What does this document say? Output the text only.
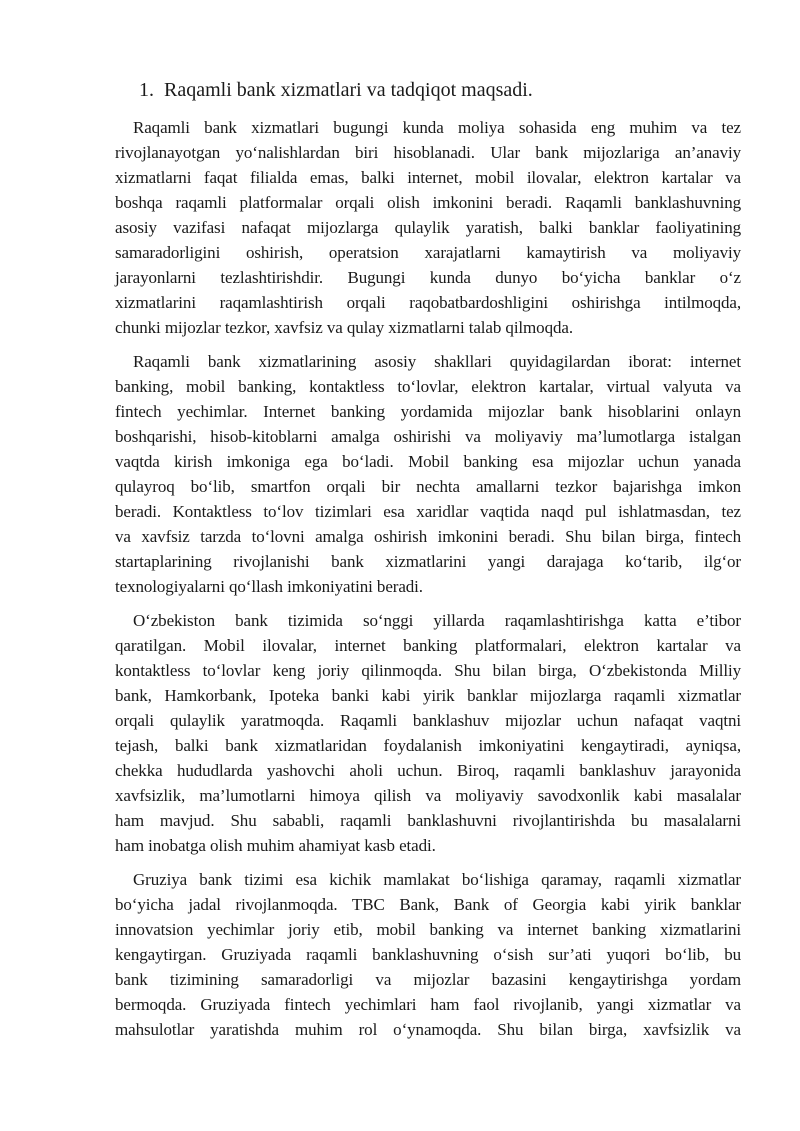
1. Raqamli bank xizmatlari va tadqiqot maqsadi.
Raqamli bank xizmatlari bugungi kunda moliya sohasida eng muhim va tez
rivojlanayotgan yo‘nalishlardan biri hisoblanadi. Ular bank mijozlariga an’anaviy
xizmatlarni faqat filialda emas, balki internet, mobil ilovalar, elektron kartalar va
boshqa raqamli platformalar orqali olish imkonini beradi. Raqamli banklashuvning
asosiy vazifasi nafaqat mijozlarga qulaylik yaratish, balki banklar faoliyatining
samaradorligini oshirish, operatsion xarajatlarni kamaytirish va moliyaviy
jarayonlarni tezlashtirishdir. Bugungi kunda dunyo bo‘yicha banklar o‘z
xizmatlarini raqamlashtirish orqali raqobatbardoshligini oshirishga intilmoqda,
chunki mijozlar tezkor, xavfsiz va qulay xizmatlarni talab qilmoqda.
Raqamli bank xizmatlarining asosiy shakllari quyidagilardan iborat: internet
banking, mobil banking, kontaktless to‘lovlar, elektron kartalar, virtual valyuta va
fintech yechimlar. Internet banking yordamida mijozlar bank hisoblarini onlayn
boshqarishi, hisob-kitoblarni amalga oshirishi va moliyaviy ma’lumotlarga istalgan
vaqtda kirish imkoniga ega bo‘ladi. Mobil banking esa mijozlar uchun yanada
qulayroq bo‘lib, smartfon orqali bir nechta amallarni tezkor bajarishga imkon
beradi. Kontaktless to‘lov tizimlari esa xaridlar vaqtida naqd pul ishlatmasdan, tez
va xavfsiz tarzda to‘lovni amalga oshirish imkonini beradi. Shu bilan birga, fintech
startaplarining rivojlanishi bank xizmatlarini yangi darajaga ko‘tarib, ilg‘or
texnologiyalarni qo‘llash imkoniyatini beradi.
O‘zbekiston bank tizimida so‘nggi yillarda raqamlashtirishga katta e’tibor
qaratilgan. Mobil ilovalar, internet banking platformalari, elektron kartalar va
kontaktless to‘lovlar keng joriy qilinmoqda. Shu bilan birga, O‘zbekistonda Milliy
bank, Hamkorbank, Ipoteka banki kabi yirik banklar mijozlarga raqamli xizmatlar
orqali qulaylik yaratmoqda. Raqamli banklashuv mijozlar uchun nafaqat vaqtni
tejash, balki bank xizmatlaridan foydalanish imkoniyatini kengaytiradi, ayniqsa,
chekka hududlarda yashovchi aholi uchun. Biroq, raqamli banklashuv jarayonida
xavfsizlik, ma’lumotlarni himoya qilish va moliyaviy savodxonlik kabi masalalar
ham mavjud. Shu sababli, raqamli banklashuvni rivojlantirishda bu masalalarni
ham inobatga olish muhim ahamiyat kasb etadi.
Gruziya bank tizimi esa kichik mamlakat bo‘lishiga qaramay, raqamli xizmatlar
bo‘yicha jadal rivojlanmoqda. TBC Bank, Bank of Georgia kabi yirik banklar
innovatsion yechimlar joriy etib, mobil banking va internet banking xizmatlarini
kengaytirgan. Gruziyada raqamli banklashuvning o‘sish sur’ati yuqori bo‘lib, bu
bank tizimining samaradorligi va mijozlar bazasini kengaytirishga yordam
bermoqda. Gruziyada fintech yechimlari ham faol rivojlanib, yangi xizmatlar va
mahsulotlar yaratishda muhim rol o‘ynamoqda. Shu bilan birga, xavfsizlik va
